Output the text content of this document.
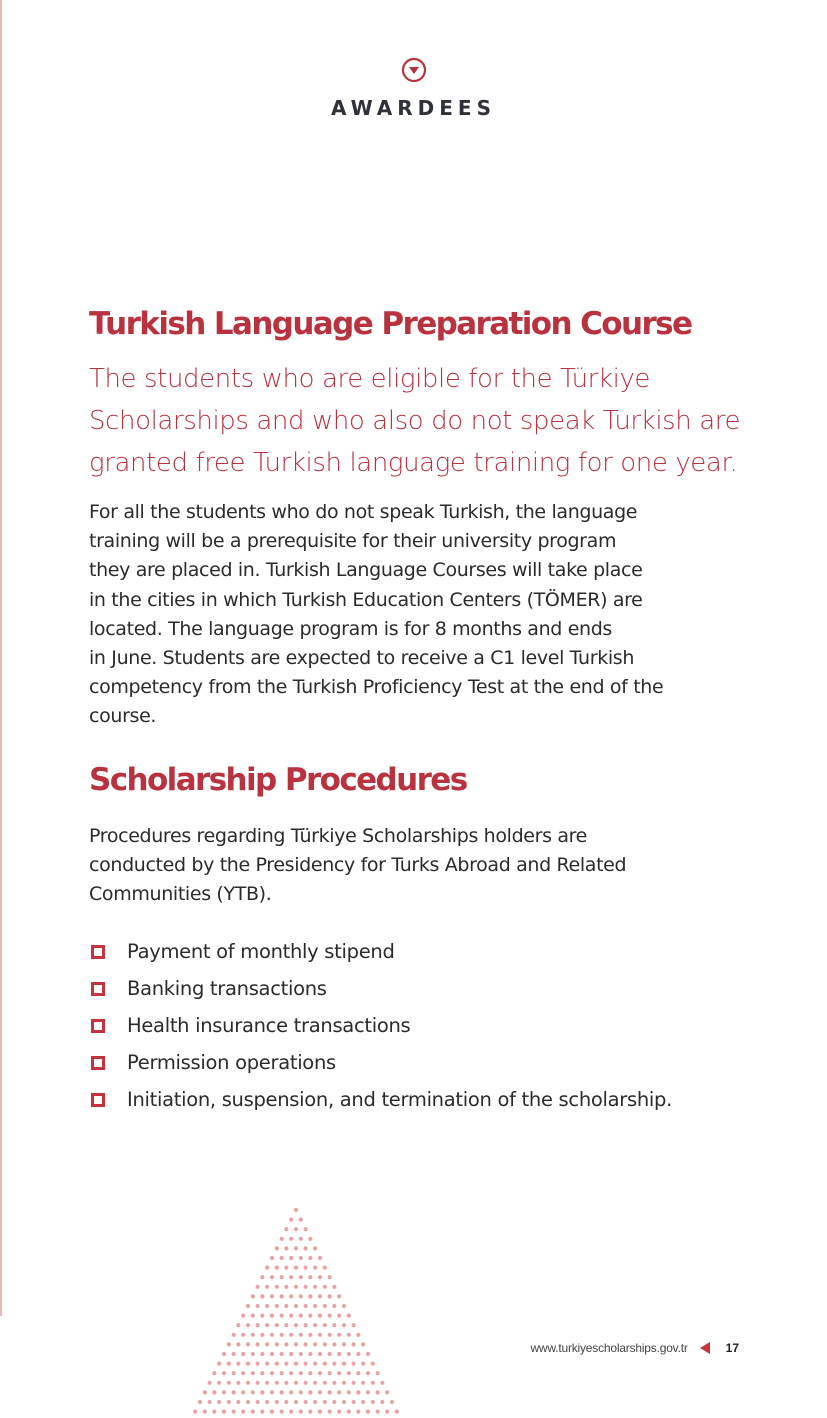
AWARDEES
Turkish Language Preparation Course

The students who are eligible for the Türkiye Scholarships and who also do not speak Turkish are granted free Turkish language training for one year.

For all the students who do not speak Turkish, the language
training will be a prerequisite for their university program
they are placed in. Turkish Language Courses will take place
in the cities in which Turkish Education Centers (TÖMER) are
located. The language program is for 8 months and ends
in June. Students are expected to receive a C1 level Turkish
competency from the Turkish Proficiency Test at the end of the
course.
Scholarship Procedures
Procedures regarding Türkiye Scholarships holders are
conducted by the Presidency for Turks Abroad and Related
Communities (YTB).
Payment of monthly stipend
Banking transactions
Health insurance transactions
Permission operations
Initiation, suspension, and termination of the scholarship.
www.turkiyescholarships.gov.tr	17
